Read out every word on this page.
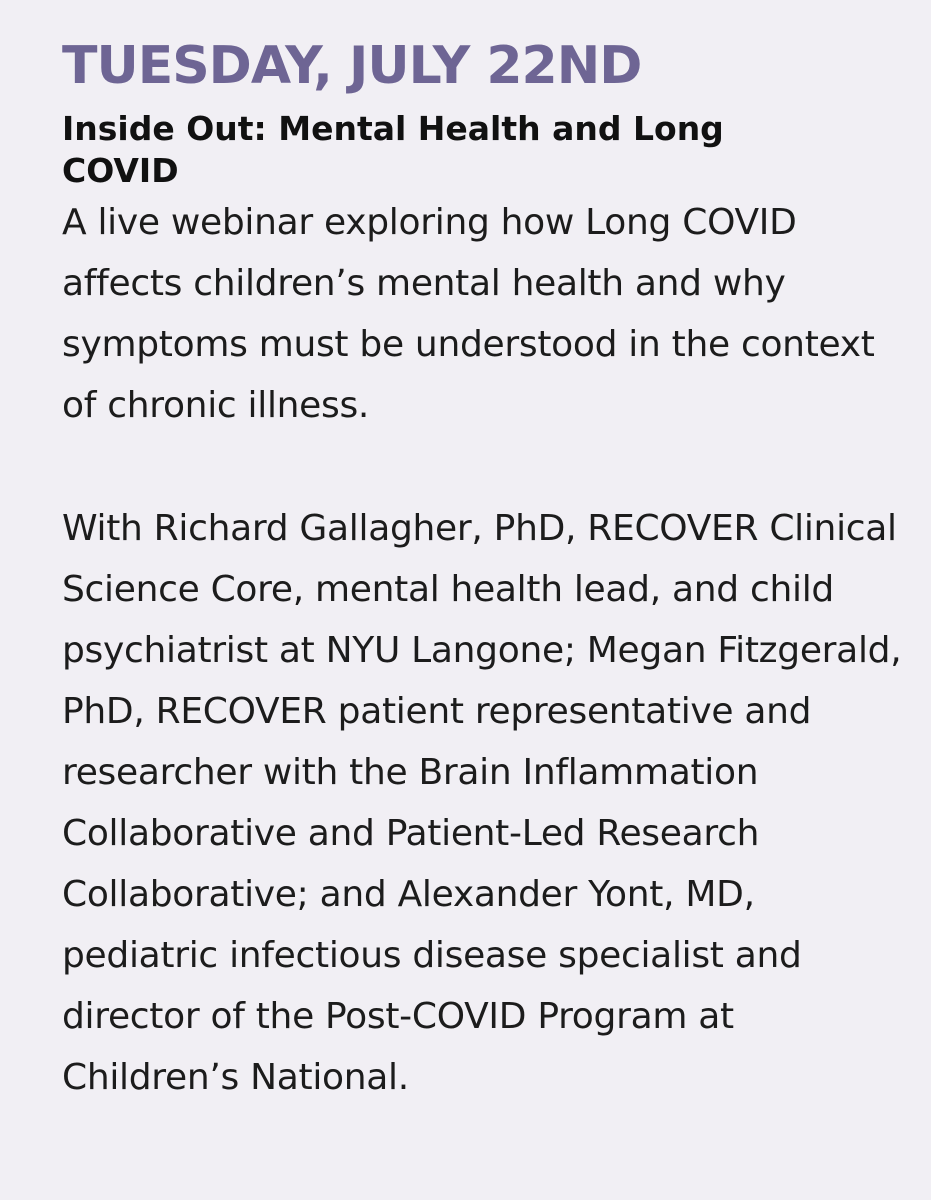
TUESDAY, JULY 22ND
Inside Out: Mental Health and Long COVID

A live webinar exploring how Long COVID affects children’s mental health and why symptoms must be understood in the context of chronic illness.

With Richard Gallagher, PhD, RECOVER Clinical Science Core, mental health lead, and child psychiatrist at NYU Langone; Megan Fitzgerald, PhD, RECOVER patient representative and researcher with the Brain Inflammation Collaborative and Patient-Led Research Collaborative; and Alexander Yont, MD, pediatric infectious disease specialist and director of the Post-COVID Program at Children’s National.
